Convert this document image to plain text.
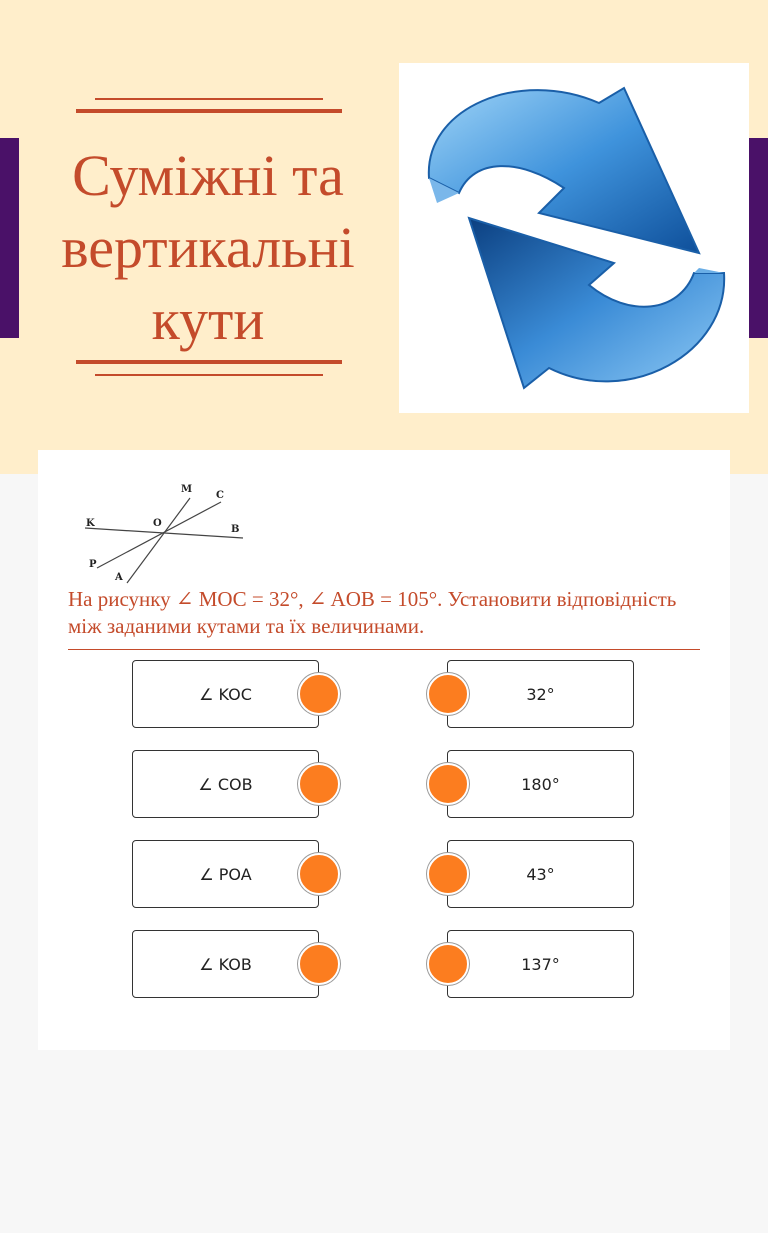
Суміжні та
вертикальні
кути
M
C
K	O
B
P
A
На рисунку ∠ MOC = 32°, ∠ AOB = 105°. Установити відповідність між заданими кутами та їх величинами.
∠ KOC
∠ COB
∠ POA
∠ KOB
32°
180°
43°
137°
